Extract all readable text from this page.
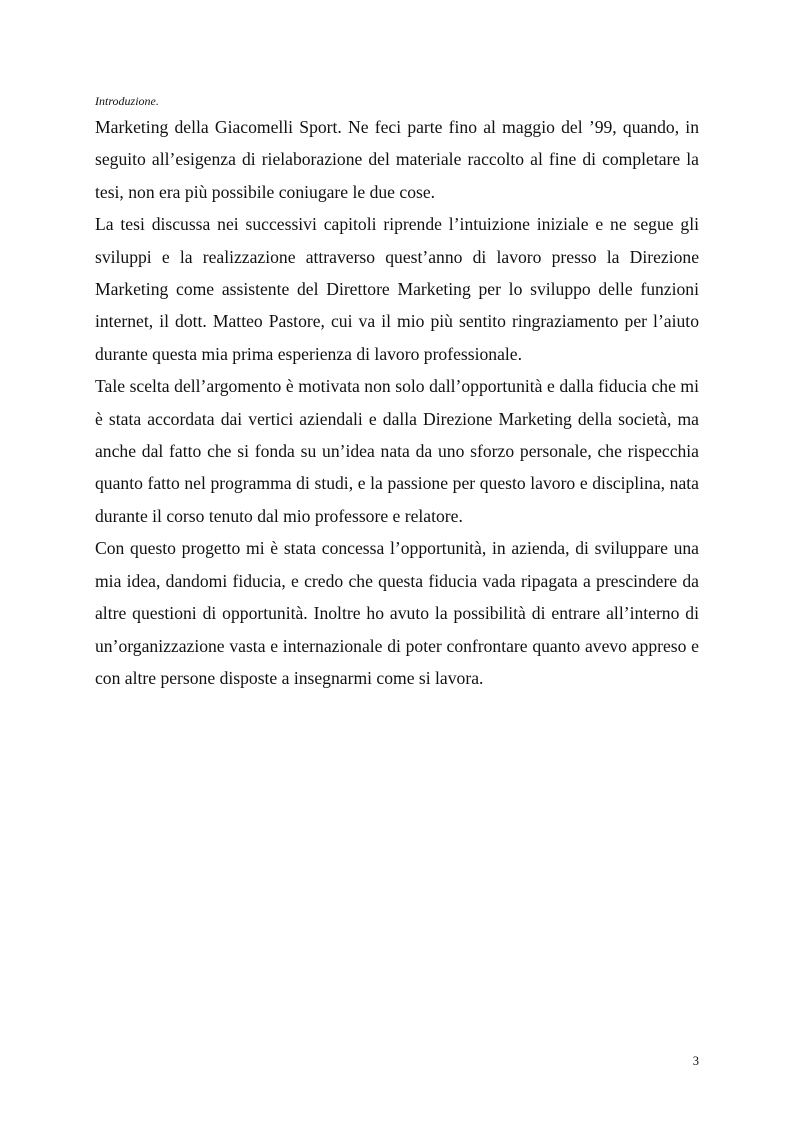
Introduzione.

Marketing della Giacomelli Sport. Ne feci parte fino al maggio del ’99, quando, in seguito all’esigenza di rielaborazione del materiale raccolto al fine di completare la tesi, non era più possibile coniugare le due cose.

La tesi discussa nei successivi capitoli riprende l’intuizione iniziale e ne segue gli sviluppi e la realizzazione attraverso quest’anno di lavoro presso la Direzione Marketing come assistente del Direttore Marketing per lo sviluppo delle funzioni internet, il dott. Matteo Pastore, cui va il mio più sentito ringraziamento per l’aiuto durante questa mia prima esperienza di lavoro professionale.

Tale scelta dell’argomento è motivata non solo dall’opportunità e dalla fiducia che mi è stata accordata dai vertici aziendali e dalla Direzione Marketing della società, ma anche dal fatto che si fonda su un’idea nata da uno sforzo personale, che rispecchia quanto fatto nel programma di studi, e la passione per questo lavoro e disciplina, nata durante il corso tenuto dal mio professore e relatore.

Con questo progetto mi è stata concessa l’opportunità, in azienda, di sviluppare una mia idea, dandomi fiducia, e credo che questa fiducia vada ripagata a prescindere da altre questioni di opportunità. Inoltre ho avuto la possibilità di entrare all’interno di un’organizzazione vasta e internazionale di poter confrontare quanto avevo appreso e con altre persone disposte a insegnarmi come si lavora.

3
